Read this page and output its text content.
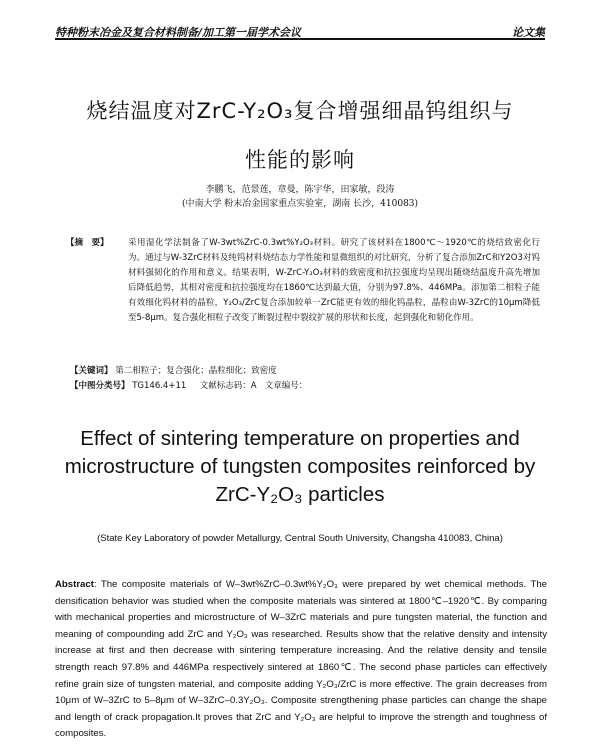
特种粉末冶金及复合材料制备/加工第一届学术会议	论文集
烧结温度对ZrC-Y₂O₃复合增强细晶钨组织与
性能的影响
李鹏飞，范景莲，章曼，陈宇华，田家敏，段涛
(中南大学 粉末冶金国家重点实验室，湖南 长沙，410083)
【摘　要】 采用湿化学法制备了W-3wt%ZrC-0.3wt%Y₂O₃材料。研究了该材料在1800℃～1920℃的烧结致密化行为。通过与W-3ZrC材料及纯钨材料烧结态力学性能和显微组织的对比研究，分析了复合添加ZrC和Y2O3对钨材料强韧化的作用和意义。结果表明，W-ZrC-Y₂O₃材料的致密度和抗拉强度均呈现出随烧结温度升高先增加后降低趋势，其相对密度和抗拉强度均在1860℃达到最大值，分别为97.8%、446MPa。添加第二相粒子能有效细化钨材料的晶粒，Y₂O₃/ZrC复合添加较单一ZrC能更有效的细化钨晶粒，晶粒由W-3ZrC的10μm降低至5-8μm。复合强化相粒子改变了断裂过程中裂纹扩展的形状和长度，起到强化和韧化作用。
【关键词】 第二相粒子；复合强化；晶粒细化；致密度
【中图分类号】 TG146.4+11 文献标志码：A 文章编号：
Effect of sintering temperature on properties and
microstructure of tungsten composites reinforced by
ZrC-Y₂O₃ particles
(State Key Laboratory of powder Metallurgy, Central South University, Changsha 410083, China)
Abstract: The composite materials of W–3wt%ZrC–0.3wt%Y₂O₃ were prepared by wet chemical methods. The densification behavior was studied when the composite materials was sintered at 1800℃–1920℃. By comparing with mechanical properties and microstructure of W–3ZrC materials and pure tungsten material, the function and meaning of compounding add ZrC and Y₂O₃ was researched. Results show that the relative density and intensity increase at first and then decrease with sintering temperature increasing. And the relative density and tensile strength reach 97.8% and 446MPa respectively sintered at 1860℃. The second phase particles can effectively refine grain size of tungsten material, and composite adding Y₂O₃/ZrC is more effective. The grain decreases from 10μm of W–3ZrC to 5–8μm of W–3ZrC–0.3Y₂O₃. Composite strengthening phase particles can change the shape and length of crack propagation.It proves that ZrC and Y₂O₃ are helpful to improve the strength and toughness of composites.
